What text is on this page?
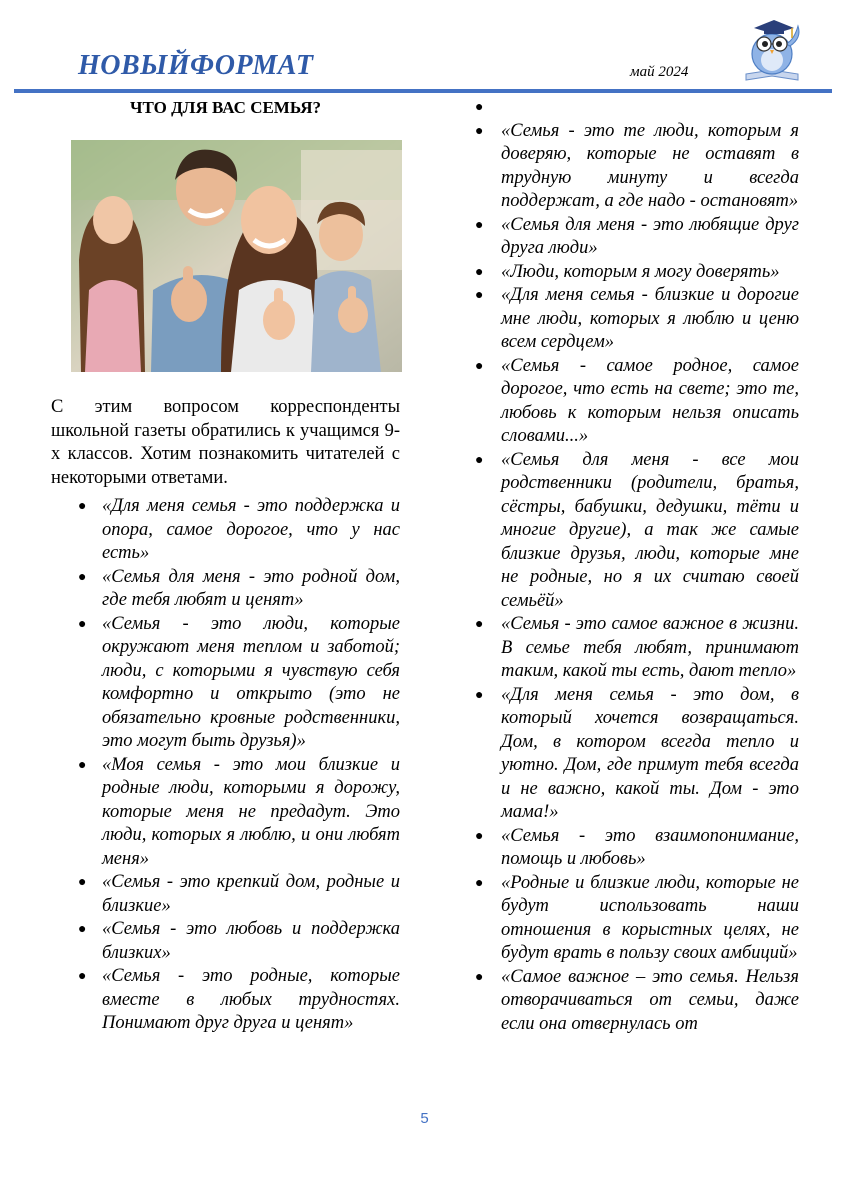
НОВЫЙФОРМАТ	май 2024
ЧТО ДЛЯ ВАС СЕМЬЯ?

С этим вопросом корреспонденты школьной газеты обратились к учащимся 9-х классов. Хотим познакомить читателей с некоторыми ответами.

● «Для меня семья - это поддержка и опора, самое дорогое, что у нас есть»
● «Семья для меня - это родной дом, где тебя любят и ценят»
● «Семья - это люди, которые окружают меня теплом и заботой; люди, с которыми я чувствую себя комфортно и открыто (это не обязательно кровные родственники, это могут быть друзья)»
● «Моя семья - это мои близкие и родные люди, которыми я дорожу, которые меня не предадут. Это люди, которых я люблю, и они любят меня»
● «Семья - это крепкий дом, родные и близкие»
● «Семья - это любовь и поддержка близких»
● «Семья - это родные, которые вместе в любых трудностях. Понимают друг друга и ценят»
●
● «Семья - это те люди, которым я доверяю, которые не оставят в трудную минуту и всегда поддержат, а где надо - остановят»
● «Семья для меня - это любящие друг друга люди»
● «Люди, которым я могу доверять»
● «Для меня семья - близкие и дорогие мне люди, которых я люблю и ценю всем сердцем»
● «Семья - самое родное, самое дорогое, что есть на свете; это те, любовь к которым нельзя описать словами...»
● «Семья для меня - все мои родственники (родители, братья, сёстры, бабушки, дедушки, тёти и многие другие), а так же самые близкие друзья, люди, которые мне не родные, но я их считаю своей семьёй»
● «Семья - это самое важное в жизни. В семье тебя любят, принимают таким, какой ты есть, дают тепло»
● «Для меня семья - это дом, в который хочется возвращаться. Дом, в котором всегда тепло и уютно. Дом, где примут тебя всегда и не важно, какой ты. Дом - это мама!»
● «Семья - это взаимопонимание, помощь и любовь»
● «Родные и близкие люди, которые не будут использовать наши отношения в корыстных целях, не будут врать в пользу своих амбиций»
● «Самое важное – это семья. Нельзя отворачиваться от семьи, даже если она отвернулась от
5
